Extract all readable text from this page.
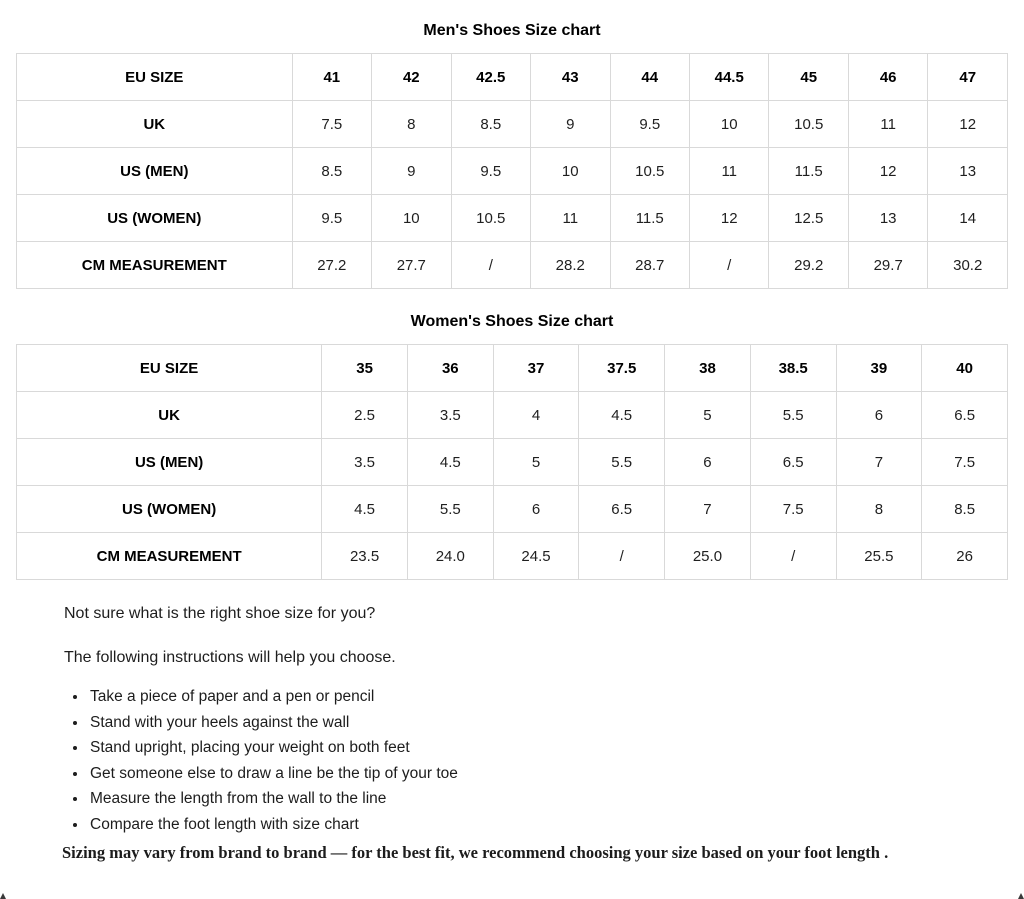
Men's Shoes Size chart
EU SIZE	41	42	42.5	43	44	44.5	45	46	47
UK	7.5	8	8.5	9	9.5	10	10.5	11	12
US (MEN)	8.5	9	9.5	10	10.5	11	11.5	12	13
US (WOMEN)	9.5	10	10.5	11	11.5	12	12.5	13	14
CM MEASUREMENT	27.2	27.7	/	28.2	28.7	/	29.2	29.7	30.2
Women's Shoes Size chart
EU SIZE	35	36	37	37.5	38	38.5	39	40
UK	2.5	3.5	4	4.5	5	5.5	6	6.5
US (MEN)	3.5	4.5	5	5.5	6	6.5	7	7.5
US (WOMEN)	4.5	5.5	6	6.5	7	7.5	8	8.5
CM MEASUREMENT	23.5	24.0	24.5	/	25.0	/	25.5	26

Not sure what is the right shoe size for you?

The following instructions will help you choose.

• Take a piece of paper and a pen or pencil
• Stand with your heels against the wall
• Stand upright, placing your weight on both feet
• Get someone else to draw a line be the tip of your toe
• Measure the length from the wall to the line
• Compare the foot length with size chart

Sizing may vary from brand to brand — for the best fit, we recommend choosing your size based on your foot length .
